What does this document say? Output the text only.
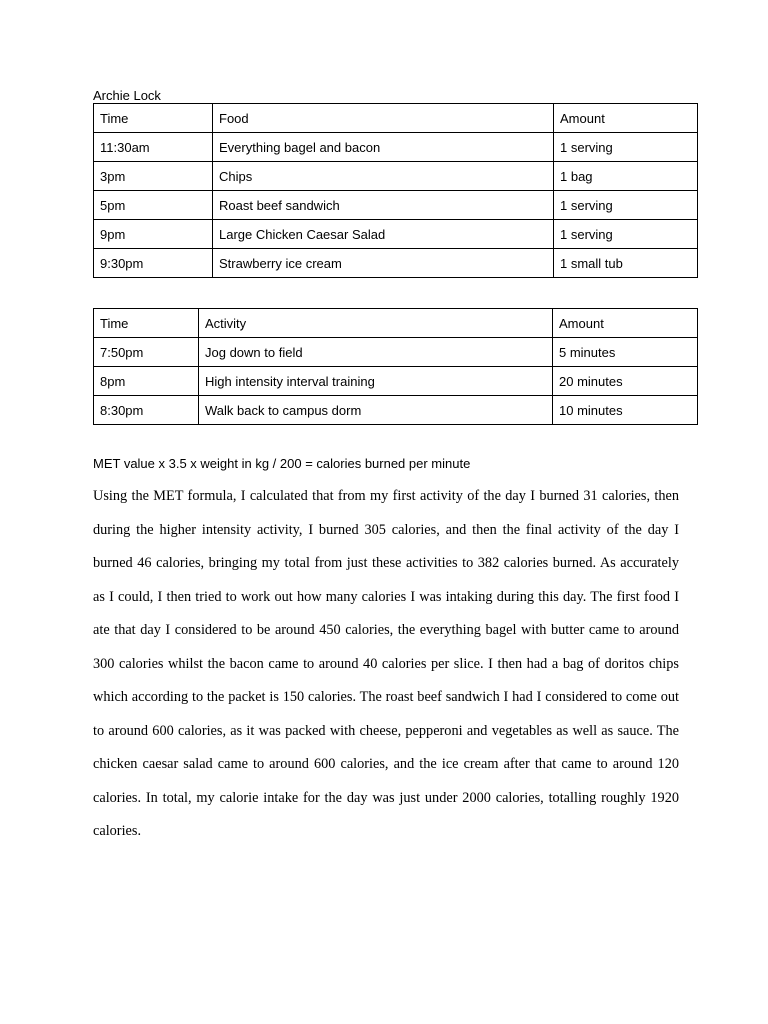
Archie Lock
Time	Food	Amount
11:30am	Everything bagel and bacon	1 serving
3pm	Chips	1 bag
5pm	Roast beef sandwich	1 serving
9pm	Large Chicken Caesar Salad	1 serving
9:30pm	Strawberry ice cream	1 small tub
Time	Activity	Amount
7:50pm	Jog down to field	5 minutes
8pm	High intensity interval training	20 minutes
8:30pm	Walk back to campus dorm	10 minutes
MET value x 3.5 x weight in kg / 200 = calories burned per minute

Using the MET formula, I calculated that from my first activity of the day I burned 31 calories, then during the higher intensity activity, I burned 305 calories, and then the final activity of the day I burned 46 calories, bringing my total from just these activities to 382 calories burned. As accurately as I could, I then tried to work out how many calories I was intaking during this day. The first food I ate that day I considered to be around 450 calories, the everything bagel with butter came to around 300 calories whilst the bacon came to around 40 calories per slice. I then had a bag of doritos chips which according to the packet is 150 calories. The roast beef sandwich I had I considered to come out to around 600 calories, as it was packed with cheese, pepperoni and vegetables as well as sauce. The chicken caesar salad came to around 600 calories, and the ice cream after that came to around 120 calories. In total, my calorie intake for the day was just under 2000 calories, totalling roughly 1920 calories.
